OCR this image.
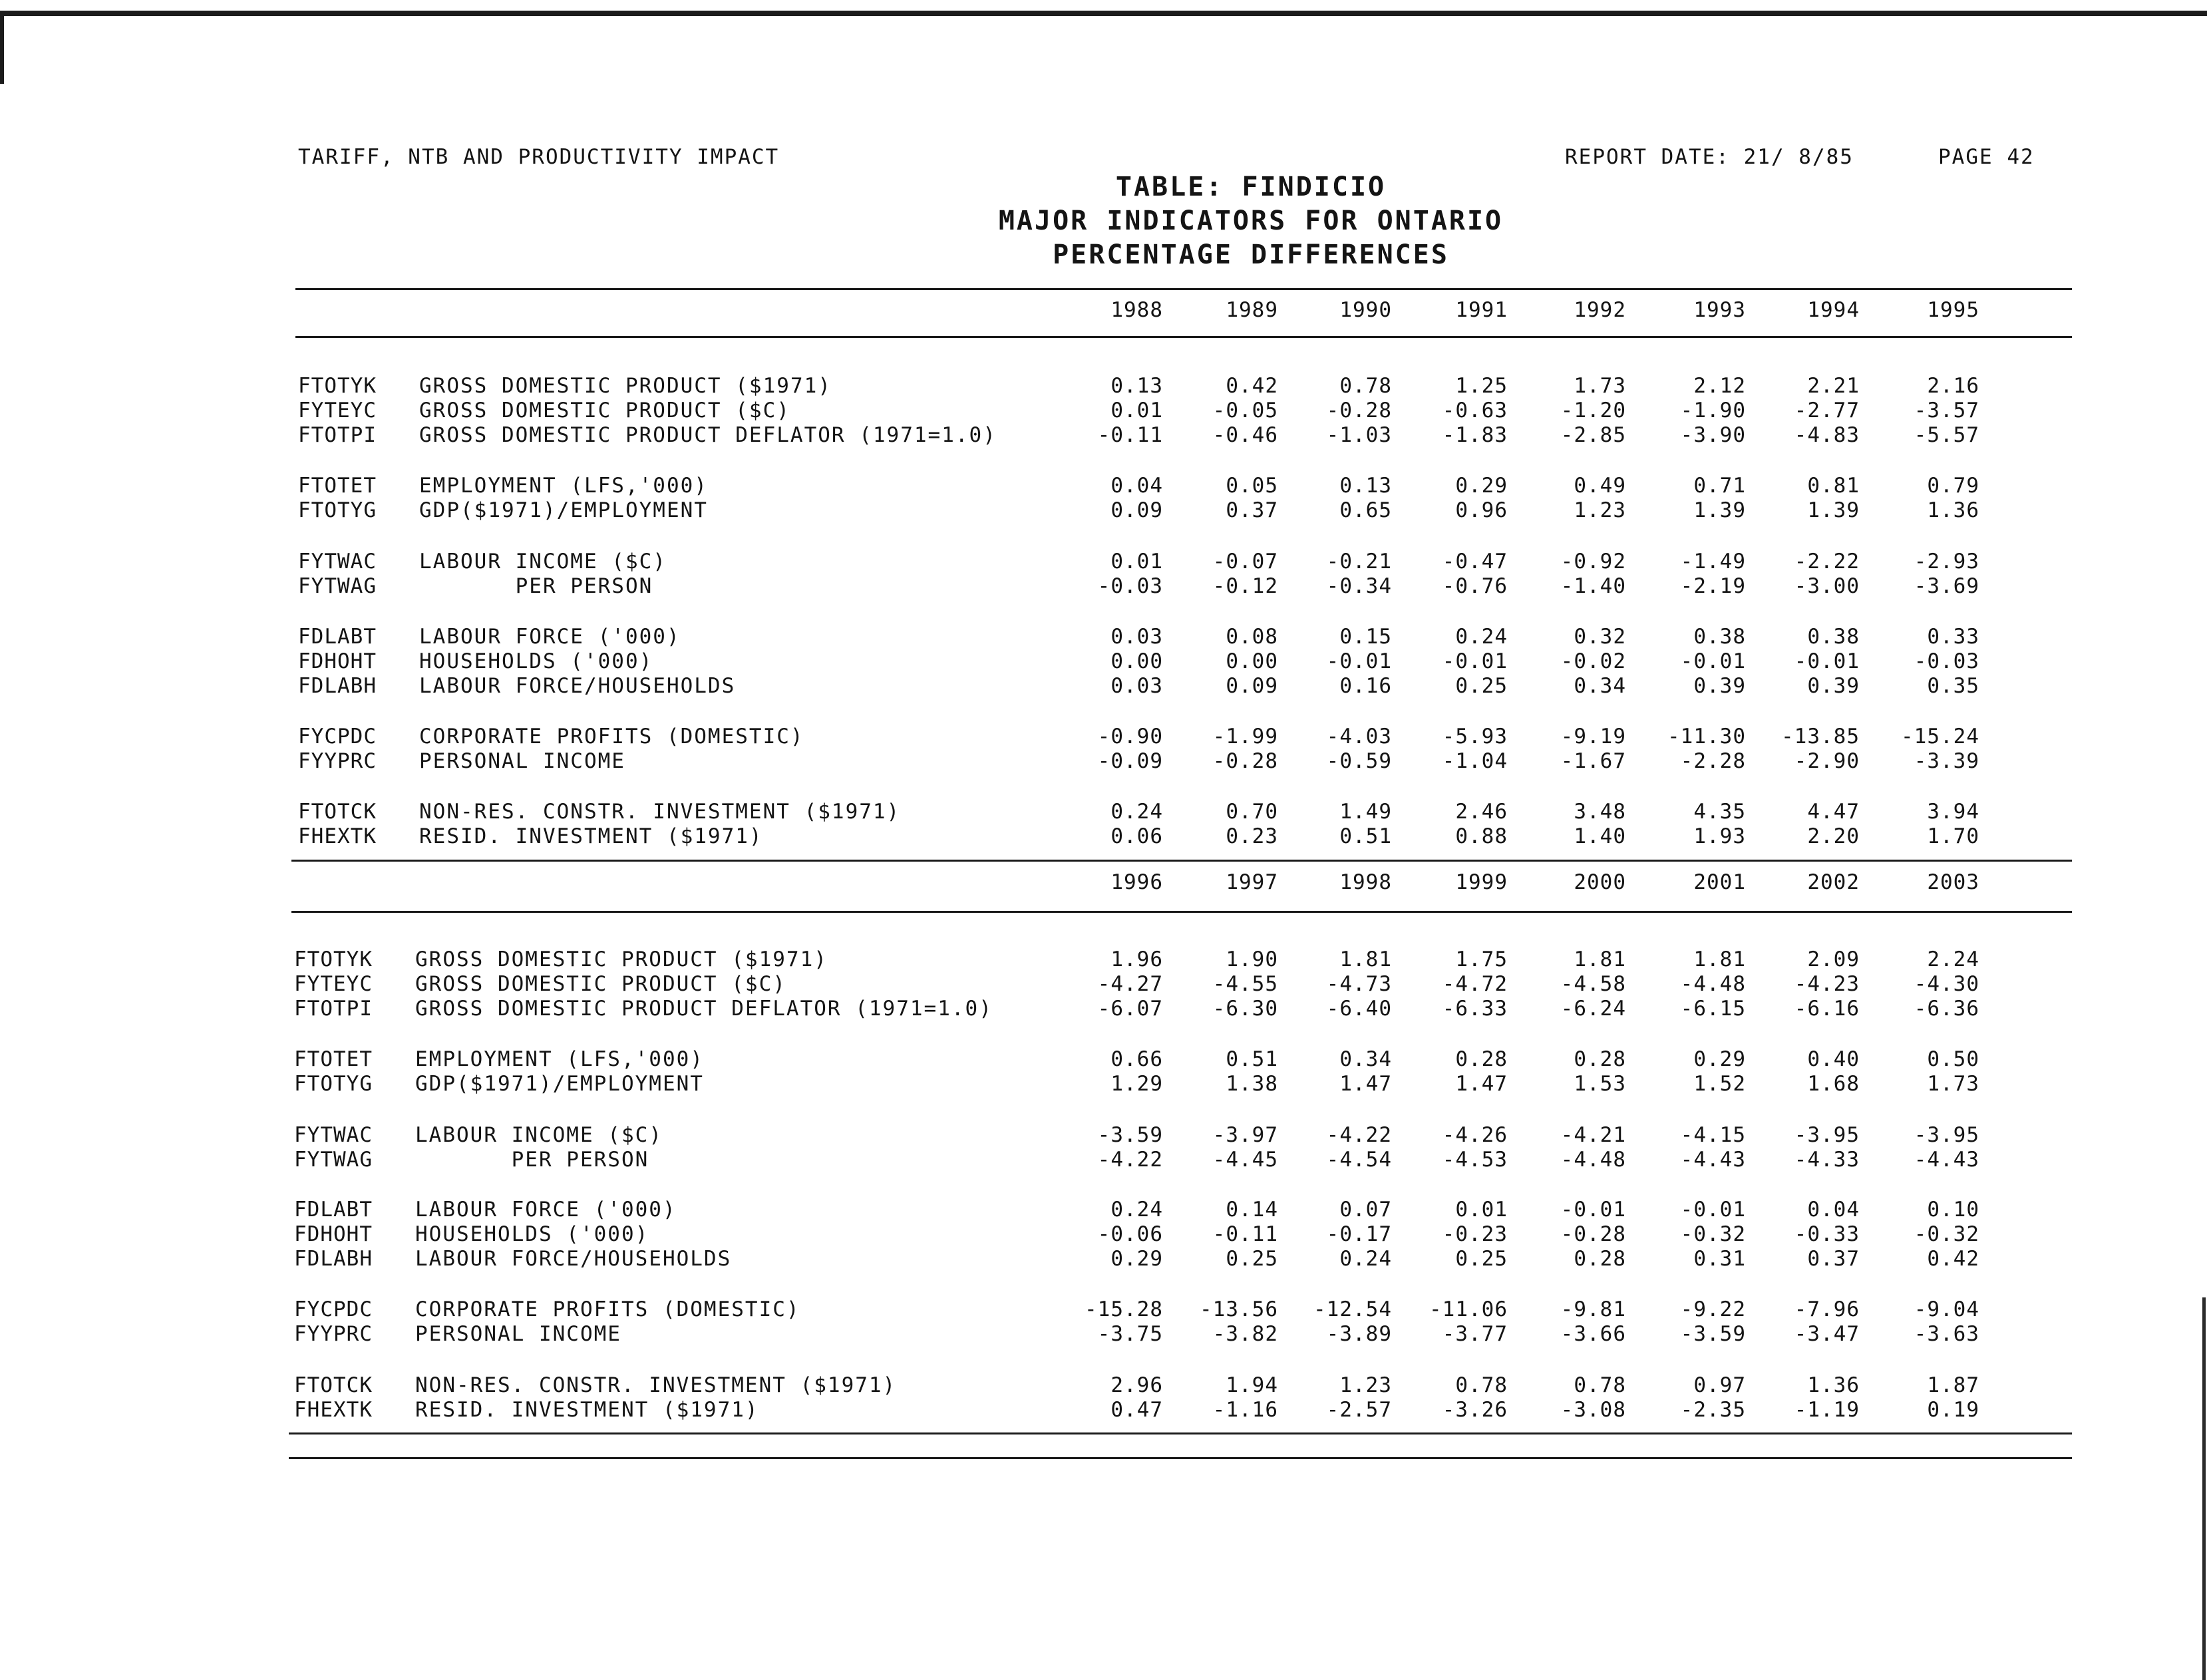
TARIFF, NTB AND PRODUCTIVITY IMPACT	REPORT DATE: 21/ 8/85	PAGE 42
TABLE: FINDICIO
MAJOR INDICATORS FOR ONTARIO
PERCENTAGE DIFFERENCES
1988	1989	1990	1991	1992	1993	1994	1995
FTOTYK	GROSS DOMESTIC PRODUCT ($1971)	0.13	0.42	0.78	1.25	1.73	2.12	2.21	2.16
FYTEYC	GROSS DOMESTIC PRODUCT ($C)	0.01	-0.05	-0.28	-0.63	-1.20	-1.90	-2.77	-3.57
FTOTPI	GROSS DOMESTIC PRODUCT DEFLATOR (1971=1.0)	-0.11	-0.46	-1.03	-1.83	-2.85	-3.90	-4.83	-5.57
FTOTET	EMPLOYMENT (LFS,'000)	0.04	0.05	0.13	0.29	0.49	0.71	0.81	0.79
FTOTYG	GDP($1971)/EMPLOYMENT	0.09	0.37	0.65	0.96	1.23	1.39	1.39	1.36
FYTWAC	LABOUR INCOME ($C)	0.01	-0.07	-0.21	-0.47	-0.92	-1.49	-2.22	-2.93
FYTWAG	PER PERSON	-0.03	-0.12	-0.34	-0.76	-1.40	-2.19	-3.00	-3.69
FDLABT	LABOUR FORCE ('000)	0.03	0.08	0.15	0.24	0.32	0.38	0.38	0.33
FDHOHT	HOUSEHOLDS ('000)	0.00	0.00	-0.01	-0.01	-0.02	-0.01	-0.01	-0.03
FDLABH	LABOUR FORCE/HOUSEHOLDS	0.03	0.09	0.16	0.25	0.34	0.39	0.39	0.35
FYCPDC	CORPORATE PROFITS (DOMESTIC)	-0.90	-1.99	-4.03	-5.93	-9.19	-11.30	-13.85	-15.24
FYYPRC	PERSONAL INCOME	-0.09	-0.28	-0.59	-1.04	-1.67	-2.28	-2.90	-3.39
FTOTCK	NON-RES. CONSTR. INVESTMENT ($1971)	0.24	0.70	1.49	2.46	3.48	4.35	4.47	3.94
FHEXTK	RESID. INVESTMENT ($1971)	0.06	0.23	0.51	0.88	1.40	1.93	2.20	1.70
1996	1997	1998	1999	2000	2001	2002	2003
FTOTYK	GROSS DOMESTIC PRODUCT ($1971)	1.96	1.90	1.81	1.75	1.81	1.81	2.09	2.24
FYTEYC	GROSS DOMESTIC PRODUCT ($C)	-4.27	-4.55	-4.73	-4.72	-4.58	-4.48	-4.23	-4.30
FTOTPI	GROSS DOMESTIC PRODUCT DEFLATOR (1971=1.0)	-6.07	-6.30	-6.40	-6.33	-6.24	-6.15	-6.16	-6.36
FTOTET	EMPLOYMENT (LFS,'000)	0.66	0.51	0.34	0.28	0.28	0.29	0.40	0.50
FTOTYG	GDP($1971)/EMPLOYMENT	1.29	1.38	1.47	1.47	1.53	1.52	1.68	1.73
FYTWAC	LABOUR INCOME ($C)	-3.59	-3.97	-4.22	-4.26	-4.21	-4.15	-3.95	-3.95
FYTWAG	PER PERSON	-4.22	-4.45	-4.54	-4.53	-4.48	-4.43	-4.33	-4.43
FDLABT	LABOUR FORCE ('000)	0.24	0.14	0.07	0.01	-0.01	-0.01	0.04	0.10
FDHOHT	HOUSEHOLDS ('000)	-0.06	-0.11	-0.17	-0.23	-0.28	-0.32	-0.33	-0.32
FDLABH	LABOUR FORCE/HOUSEHOLDS	0.29	0.25	0.24	0.25	0.28	0.31	0.37	0.42
FYCPDC	CORPORATE PROFITS (DOMESTIC)	-15.28	-13.56	-12.54	-11.06	-9.81	-9.22	-7.96	-9.04
FYYPRC	PERSONAL INCOME	-3.75	-3.82	-3.89	-3.77	-3.66	-3.59	-3.47	-3.63
FTOTCK	NON-RES. CONSTR. INVESTMENT ($1971)	2.96	1.94	1.23	0.78	0.78	0.97	1.36	1.87
FHEXTK	RESID. INVESTMENT ($1971)	0.47	-1.16	-2.57	-3.26	-3.08	-2.35	-1.19	0.19
